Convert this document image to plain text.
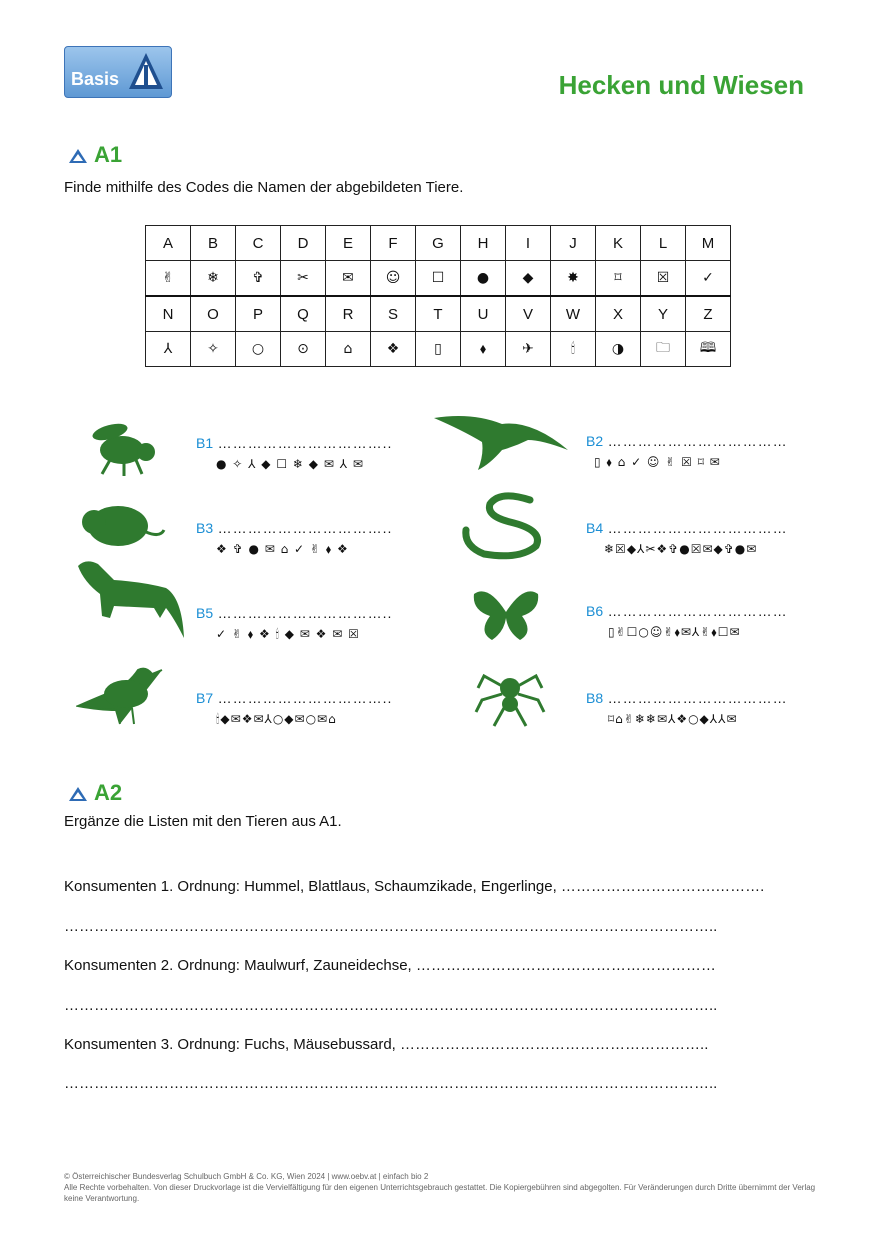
Basis	Hecken und Wiesen
A1
Finde mithilfe des Codes die Namen der abgebildeten Tiere.
A	B	C	D	E	F	G	H	I	J	K	L	M
✌	❄	✞	✂	✉	☺	☐	●	◆	✸	⌑	☒	✓
N	O	P	Q	R	S	T	U	V	W	X	Y	Z
⅄	✧	○	⊙	⌂	❖	▯	⬧	✈	🕯	◑	🗀	🕮
B1 ……………………………..
● ✧ ⅄ ◆ ☐ ❄ ◆ ✉ ⅄ ✉
B3 ……………………………..
❖ ✞ ● ✉ ⌂ ✓ ✌ ⬧ ❖
B5 ……………………………..
✓ ✌ ⬧ ❖ 🕯 ◆ ✉ ❖ ✉ ☒
B7 ……………………………..
🕯◆✉❖✉⅄○◆✉○✉⌂
B2 ………………………………
▯ ⬧ ⌂ ✓ ☺ ✌ ☒ ⌑ ✉
B4 ………………………………
❄☒◆⅄✂❖✞●☒✉◆✞●✉
B6 ………………………………
▯✌☐○☺✌⬧✉⅄✌⬧☐✉
B8 ………………………………
⌑⌂✌❄❄✉⅄❖○◆⅄⅄✉
A2
Ergänze die Listen mit den Tieren aus A1.
Konsumenten 1. Ordnung: Hummel, Blattlaus, Schaumzikade, Engerlinge, ………………………….……….
…………………………………………………………………………………………………………………..
Konsumenten 2. Ordnung: Maulwurf, Zauneidechse, ……………………………………………………
…………………………………………………………………………………………………………………..
Konsumenten 3. Ordnung: Fuchs, Mäusebussard, ……………………………………………………..
…………………………………………………………………………………………………………………..
© Österreichischer Bundesverlag Schulbuch GmbH & Co. KG, Wien 2024 | www.oebv.at | einfach bio 2
Alle Rechte vorbehalten. Von dieser Druckvorlage ist die Vervielfältigung für den eigenen Unterrichtsgebrauch gestattet. Die Kopiergebühren sind abgegolten. Für Veränderungen durch Dritte übernimmt der Verlag keine Verantwortung.
